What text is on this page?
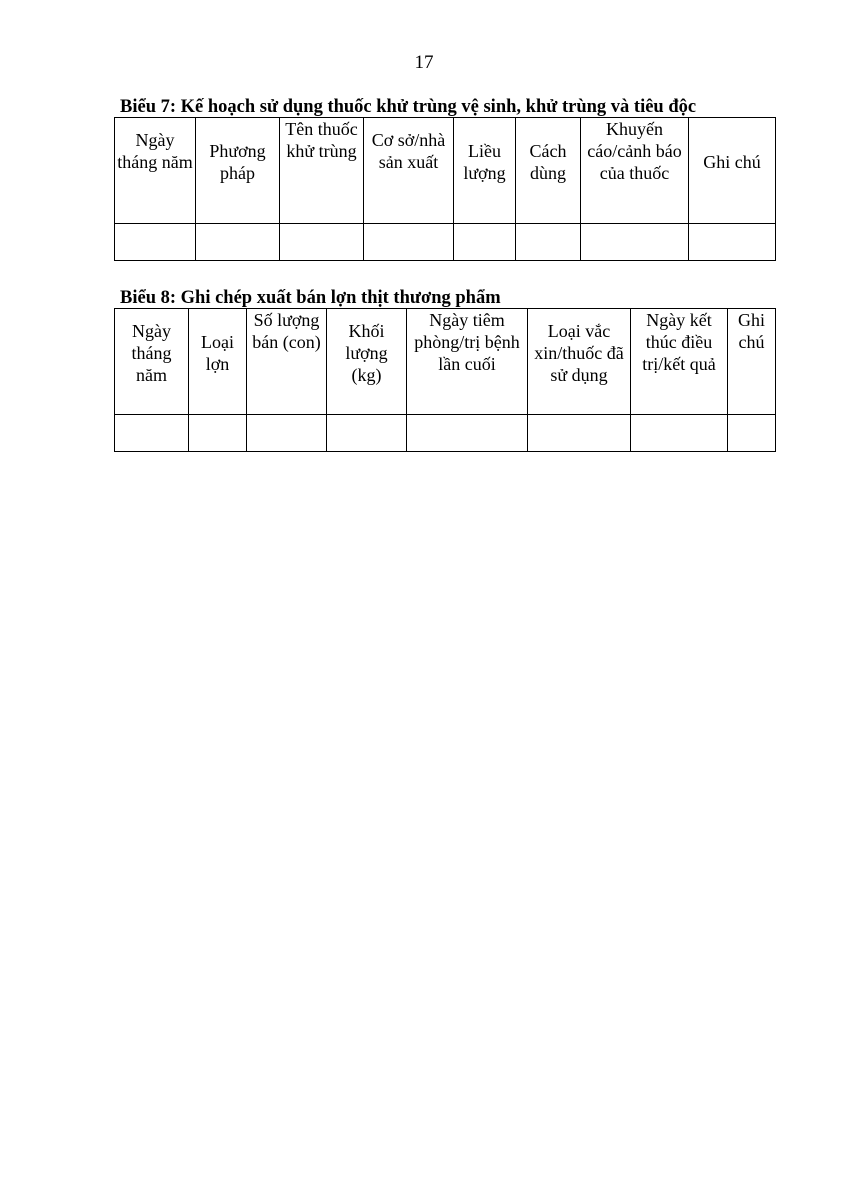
17
Biểu 7: Kế hoạch sử dụng thuốc khử trùng vệ sinh, khử trùng và tiêu độc
Ngày tháng năm	Phương pháp	Tên thuốc khử trùng	Cơ sở/nhà sản xuất	Liều lượng	Cách dùng	Khuyến cáo/cảnh báo của thuốc	Ghi chú

Biểu 8: Ghi chép xuất bán lợn thịt thương phẩm
Ngày tháng năm	Loại lợn	Số lượng bán (con)	Khối lượng (kg)	Ngày tiêm phòng/trị bệnh lần cuối	Loại vắc xin/thuốc đã sử dụng	Ngày kết thúc điều trị/kết quả	Ghi chú
